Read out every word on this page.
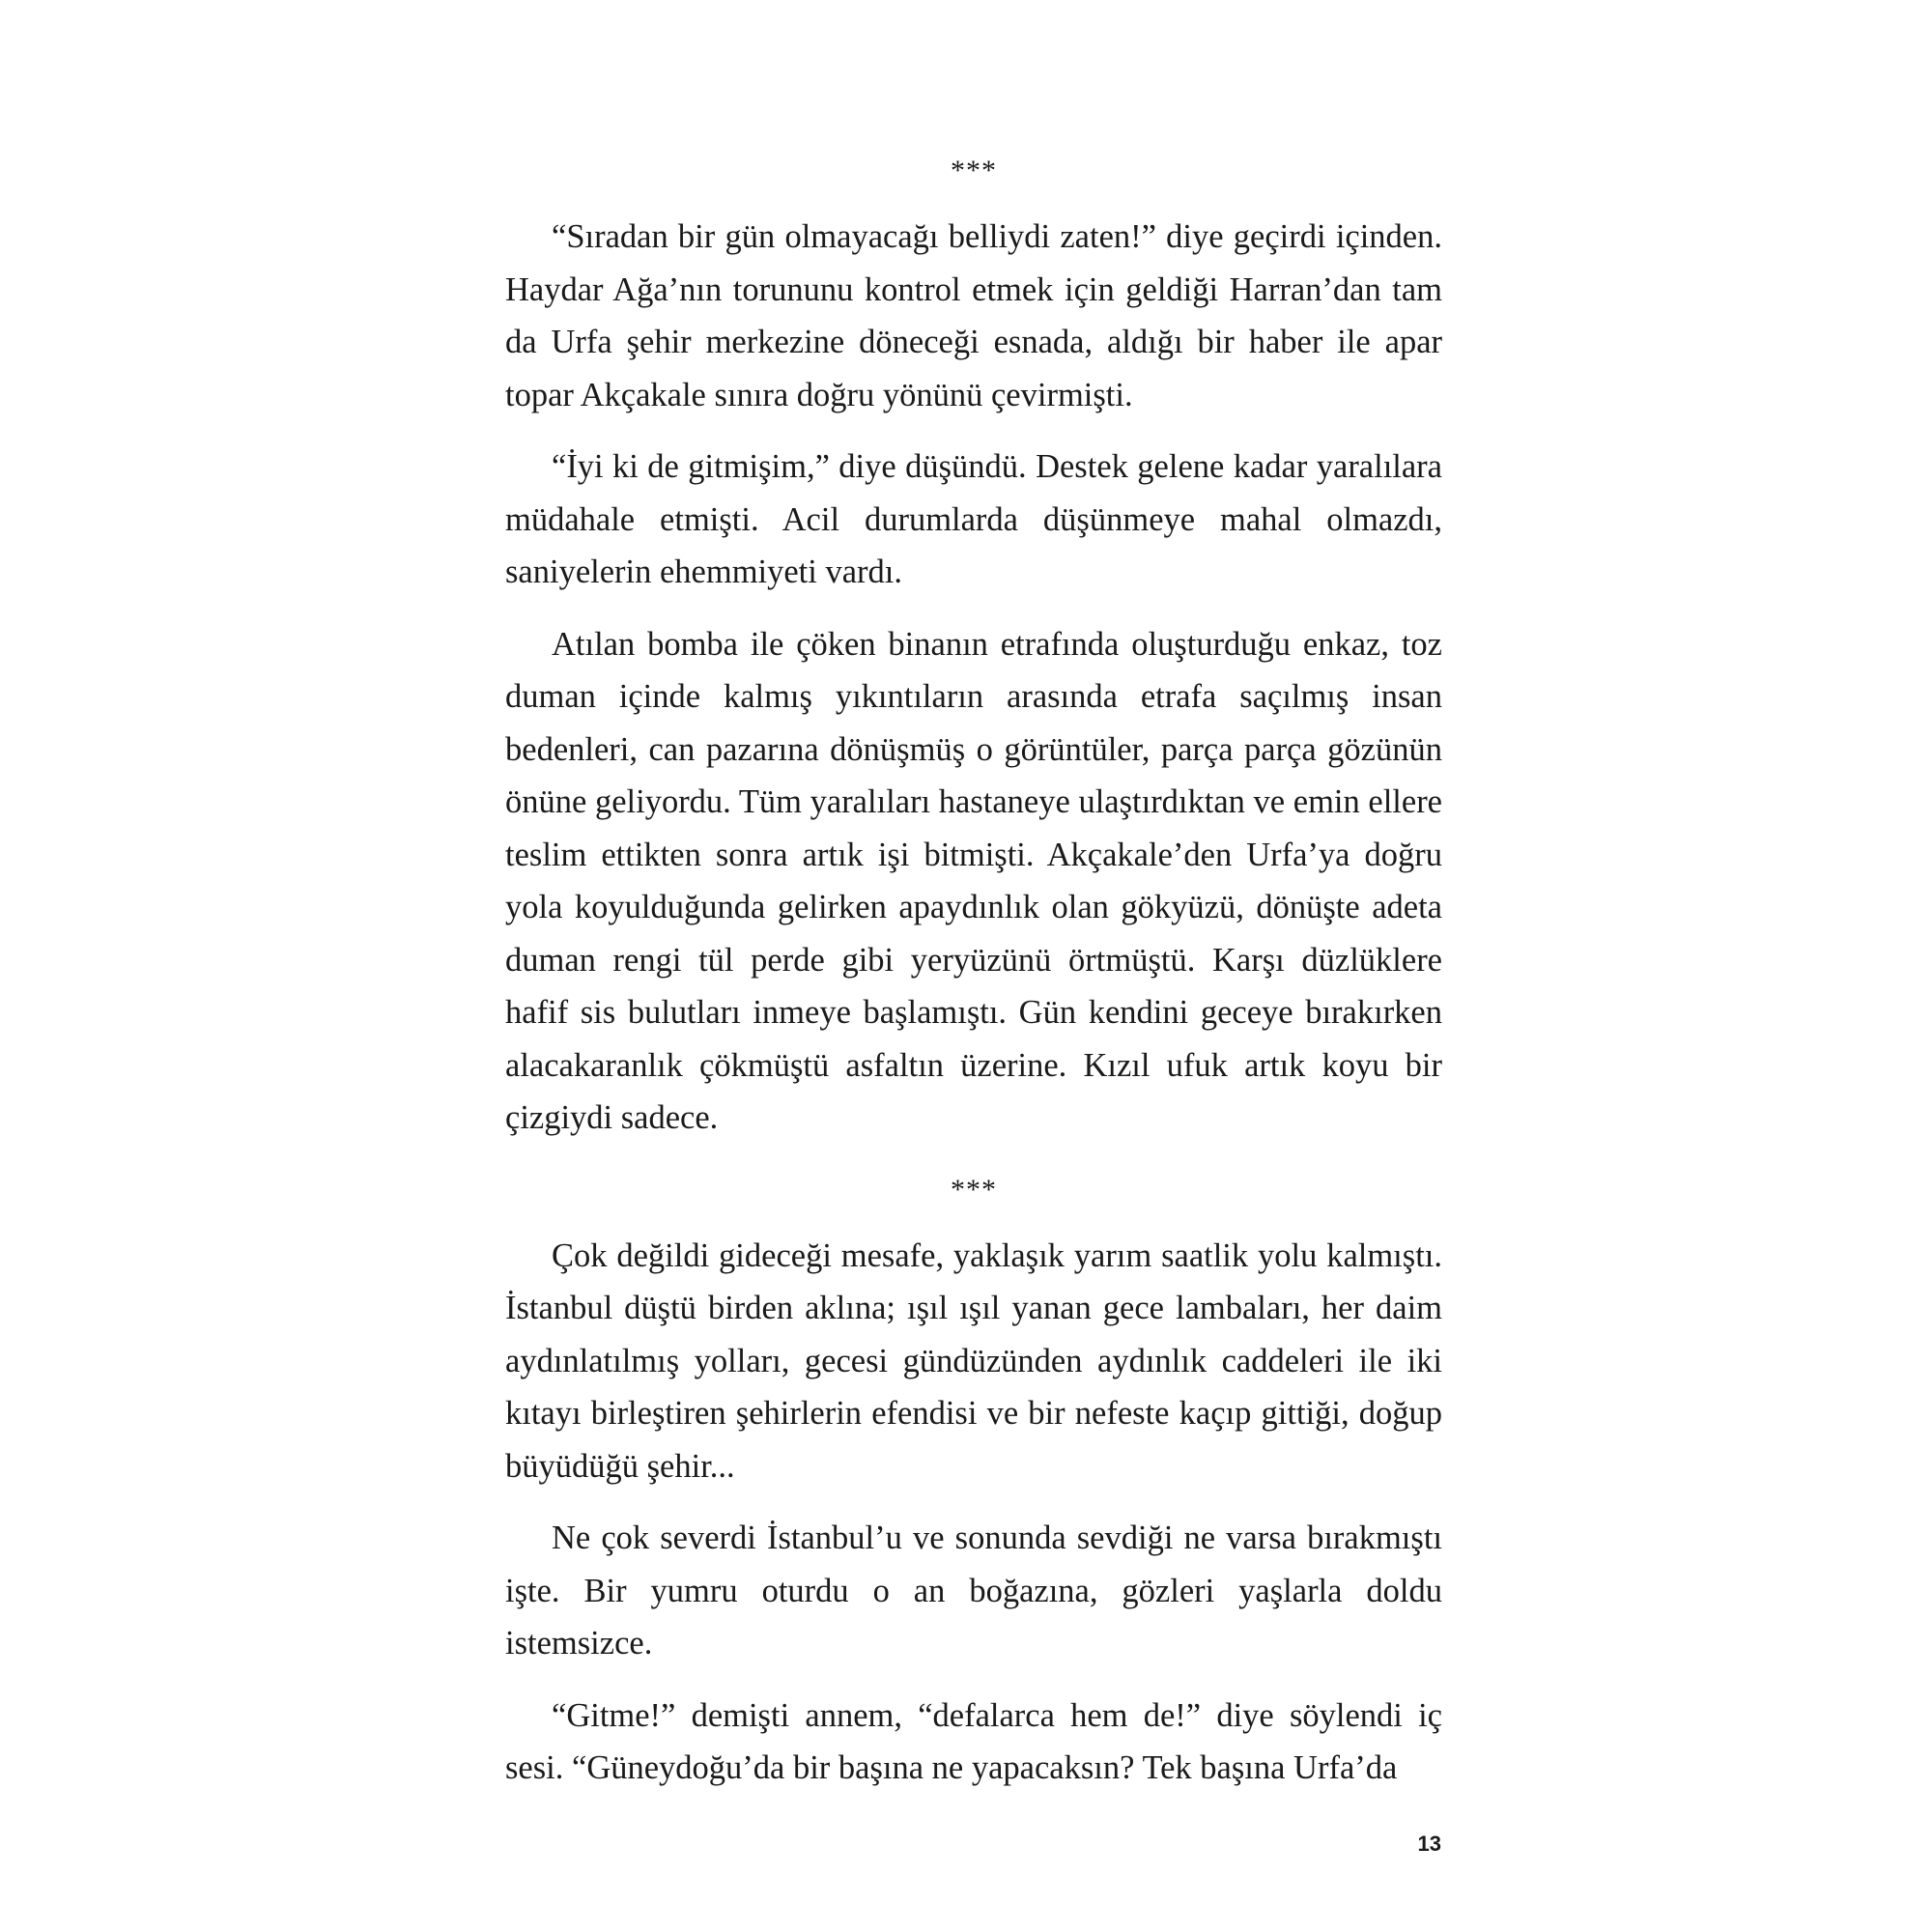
***

“Sıradan bir gün olmayacağı belliydi zaten!” diye geçirdi içinden. Haydar Ağa’nın torununu kontrol etmek için geldiği Harran’dan tam da Urfa şehir merkezine döneceği esnada, aldığı bir haber ile apar topar Akçakale sınıra doğru yönünü çevirmişti.

“İyi ki de gitmişim,” diye düşündü. Destek gelene kadar yaralılara müdahale etmişti. Acil durumlarda düşünmeye mahal olmazdı, saniyelerin ehemmiyeti vardı.

Atılan bomba ile çöken binanın etrafında oluşturduğu enkaz, toz duman içinde kalmış yıkıntıların arasında etrafa saçılmış insan bedenleri, can pazarına dönüşmüş o görüntüler, parça parça gözünün önüne geliyordu. Tüm yaralıları hastaneye ulaştırdıktan ve emin ellere teslim ettikten sonra artık işi bitmişti. Akçakale’den Urfa’ya doğru yola koyulduğunda gelirken apaydınlık olan gökyüzü, dönüşte adeta duman rengi tül perde gibi yeryüzünü örtmüştü. Karşı düzlüklere hafif sis bulutları inmeye başlamıştı. Gün kendini geceye bırakırken alacakaranlık çökmüştü asfaltın üzerine. Kızıl ufuk artık koyu bir çizgiydi sadece.

***

Çok değildi gideceği mesafe, yaklaşık yarım saatlik yolu kalmıştı. İstanbul düştü birden aklına; ışıl ışıl yanan gece lambaları, her daim aydınlatılmış yolları, gecesi gündüzünden aydınlık caddeleri ile iki kıtayı birleştiren şehirlerin efendisi ve bir nefeste kaçıp gittiği, doğup büyüdüğü şehir...

Ne çok severdi İstanbul’u ve sonunda sevdiği ne varsa bırakmıştı işte. Bir yumru oturdu o an boğazına, gözleri yaşlarla doldu istemsizce.

“Gitme!” demişti annem, “defalarca hem de!” diye söylendi iç sesi. “Güneydoğu’da bir başına ne yapacaksın? Tek başına Urfa’da

13
